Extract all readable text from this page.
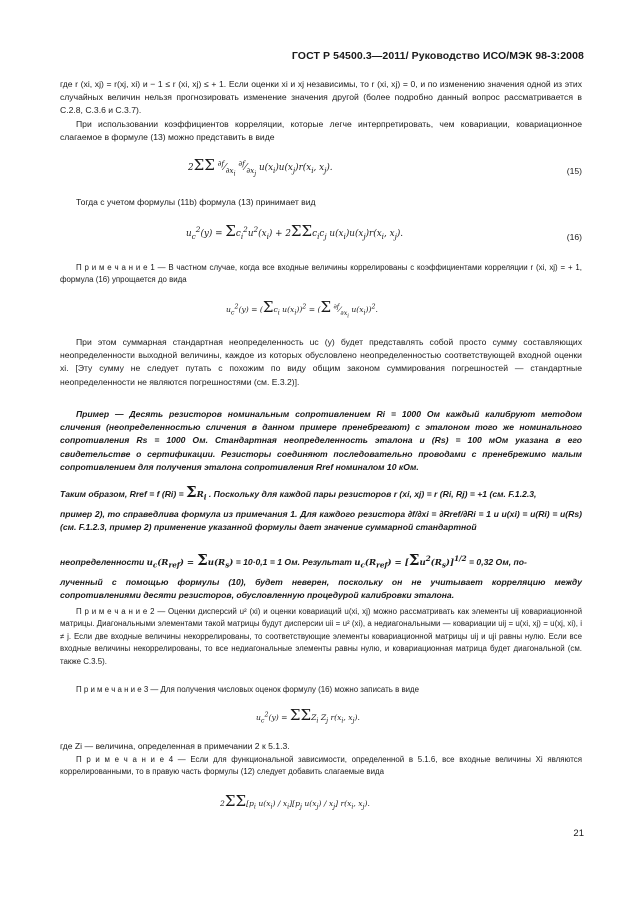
ГОСТ Р 54500.3—2011/ Руководство ИСО/МЭК 98-3:2008

где r (xi, xj) = r(xj, xi) и − 1 ≤ r (xi, xj) ≤ + 1. Если оценки xi и xj независимы, то r (xi, xj) = 0, и по изменению значения одной из этих случайных величин нельзя прогнозировать изменение значения другой (более подробно данный вопрос рассматривается в С.2.8, С.3.6 и С.3.7).

При использовании коэффициентов корреляции, которые легче интерпретировать, чем ковариации, ковариационное слагаемое в формуле (13) можно представить в виде

2ΣΣ $^{\partial f}⁄_{\partial x_i}$ $^{\partial f}⁄_{\partial x_j}$ $u(x_i)u(x_j)r(x_i$, $x_j$).	(15)

Тогда с учетом формулы (11b) формула (13) принимает вид

$u_c^2(y) = \Sigma c_i^2u^2(x_i) + 2\Sigma\Sigma c_ic_j$ $u(x_i)u(x_j)r(x_i$, $x_j$).	(16)

П р и м е ч а н и е 1 — В частном случае, когда все входные величины коррелированы с коэффициентами корреляции r (xi, xj) = + 1, формула (16) упрощается до вида

$u_c^2(y) = (\Sigma c_i$ $u(x_i))^2 = (\Sigma$ $^{\partial f}⁄_{\partial x_i}$ $u(x_i))^2$.

При этом суммарная стандартная неопределенность uc (y) будет представлять собой просто сумму составляющих неопределенности выходной величины, каждое из которых обусловлено неопределенностью соответствующей входной оценки xi. [Эту сумму не следует путать с похожим по виду общим законом суммирования погрешностей — стандартные неопределенности не являются погрешностями (см. Е.3.2)].

Пример — Десять резисторов номинальным сопротивлением Ri = 1000 Ом каждый калибруют методом сличения (неопределенностью сличения в данном примере пренебрегают) с эталоном того же номинального сопротивления Rs = 1000 Ом. Стандартная неопределенность эталона и (Rs) = 100 мОм указана в его свидетельстве о сертификации. Резисторы соединяют последовательно проводами с пренебрежимо малым сопротивлением для получения эталона сопротивления Rref номиналом 10 кОм.

Таким образом, Rref = f $(Ri) = \Sigma R_i$ . Поскольку для каждой пары резисторов r (xi, xj) = r (Ri, Rj) = +1 (см. F.1.2.3,

пример 2), то справедлива формула из примечания 1. Для каждого резистора ∂f/∂xi = ∂Rref/∂Ri = 1 и u(xi) = u(Ri) = u(Rs) (см. F.1.2.3, пример 2) применение указанной формулы дает значение суммарной стандартной

неопределенности $u_c(R_{ref}) = \Sigma u(R_s) = 10\cdot 0,1 = 1$ Ом. Результат $u_c(R_{ref}) = [\Sigma u^2(R_s)]^{1/2} = 0,32$ Ом, по-

лученный с помощью формулы (10), будет неверен, поскольку он не учитывает корреляцию между сопротивлениями десяти резисторов, обусловленную процедурой калибровки эталона.

П р и м е ч а н и е 2 — Оценки дисперсий u² (xi) и оценки ковариаций u(xi, xj) можно рассматривать как элементы uij ковариационной матрицы. Диагональными элементами такой матрицы будут дисперсии uii = u² (xi), а недиагональными — ковариации uij = u(xi, xj) = u(xj, xi), i ≠ j. Если две входные величины некоррелированы, то соответствующие элементы ковариационной матрицы uij и uji равны нулю. Если все входные величины некоррелированы, то все недиагональные элементы равны нулю, и ковариационная матрица будет диагональной (см. также С.3.5).

П р и м е ч а н и е 3 — Для получения числовых оценок формулу (16) можно записать в виде

$u_c^2(y) = \Sigma\Sigma Z_i$ $Z_j$ $r(x_i$, $x_j$).

где Zi — величина, определенная в примечании 2 к 5.1.3.

П р и м е ч а н и е 4 — Если для функциональной зависимости, определенной в 5.1.6, все входные величины Xi являются коррелированными, то в правую часть формулы (12) следует добавить слагаемые вида

$2\Sigma\Sigma[p_i$ $u(x_i) / x_i][p_j$ $u(x_j) / x_j$] $r(x_i$, $x_j$).
21
